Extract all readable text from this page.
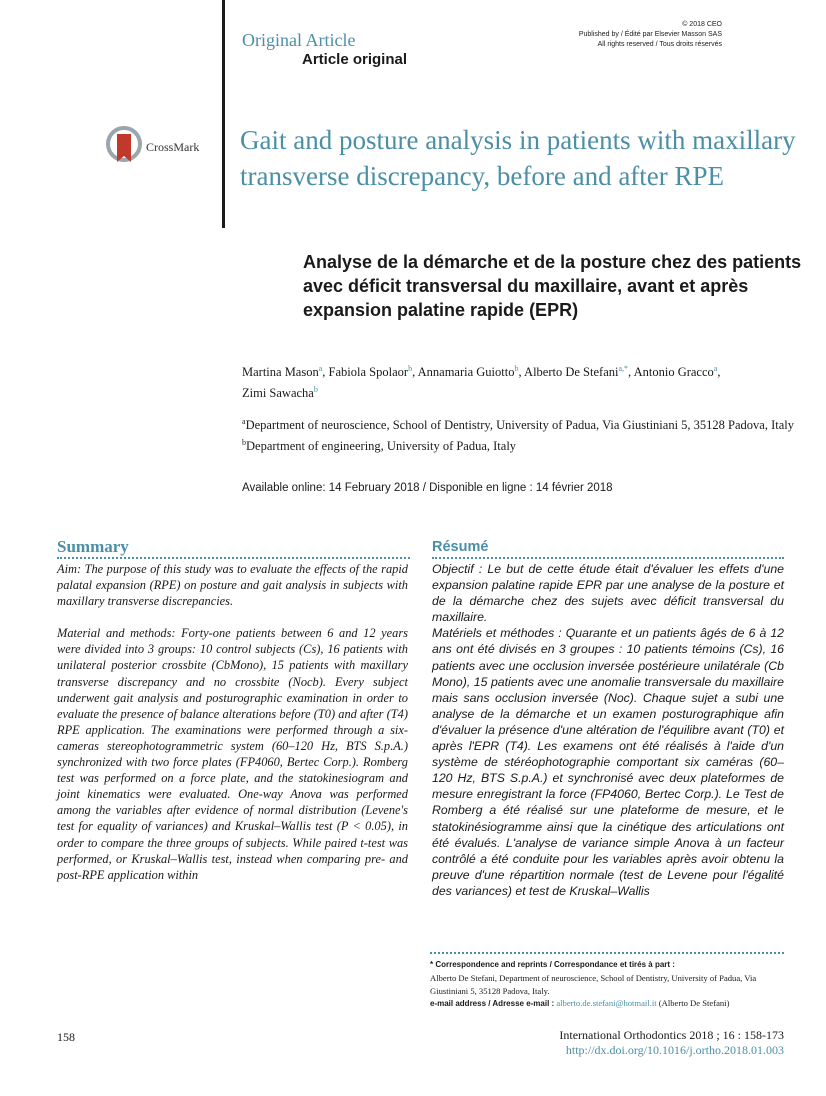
Original Article
Article original
© 2018 CEO
Published by / Édité par Elsevier Masson SAS
All rights reserved / Tous droits réservés
CrossMark Gait and posture analysis in patients with maxillary transverse discrepancy, before and after RPE
Analyse de la démarche et de la posture chez des patients avec déficit transversal du maxillaire, avant et après expansion palatine rapide (EPR)
Martina Mason$^a$, Fabiola Spolaor$^b$, Annamaria Guiotto$^b$, Alberto De Stefani$^{a,*}$, Antonio Gracco$^a$,
Zimi Sawacha$^b$
$^a$Department of neuroscience, School of Dentistry, University of Padua, Via Giustiniani 5, 35128 Padova, Italy
$^b$Department of engineering, University of Padua, Italy
Available online: 14 February 2018 / Disponible en ligne : 14 février 2018
Summary

Aim: The purpose of this study was to evaluate the effects of the rapid palatal expansion (RPE) on posture and gait analysis in subjects with maxillary transverse discrepancies.

Material and methods: Forty-one patients between 6 and 12 years were divided into 3 groups: 10 control subjects (Cs), 16 patients with unilateral posterior crossbite (CbMono), 15 patients with maxillary transverse discrepancy and no crossbite (Nocb). Every subject underwent gait analysis and posturographic examination in order to evaluate the presence of balance alterations before (T0) and after (T4) RPE application. The examinations were performed through a six-cameras stereophotogrammetric system (60–120 Hz, BTS S.p.A.) synchronized with two force plates (FP4060, Bertec Corp.). Romberg test was performed on a force plate, and the statokinesiogram and joint kinematics were evaluated. One-way Anova was performed among the variables after evidence of normal distribution (Levene's test for equality of variances) and Kruskal–Wallis test (P < 0.05), in order to compare the three groups of subjects. While paired t-test was performed, or Kruskal–Wallis test, instead when comparing pre- and post-RPE application within

Résumé

Objectif : Le but de cette étude était d'évaluer les effets d'une expansion palatine rapide EPR par une analyse de la posture et de la démarche chez des sujets avec déficit transversal du maxillaire.

Matériels et méthodes : Quarante et un patients âgés de 6 à 12 ans ont été divisés en 3 groupes : 10 patients témoins (Cs), 16 patients avec une occlusion inversée postérieure unilatérale (Cb Mono), 15 patients avec une anomalie transversale du maxillaire mais sans occlusion inversée (Noc). Chaque sujet a subi une analyse de la démarche et un examen posturographique afin d'évaluer la présence d'une altération de l'équilibre avant (T0) et après l'EPR (T4). Les examens ont été réalisés à l'aide d'un système de stéréophotographie comportant six caméras (60–120 Hz, BTS S.p.A.) et synchronisé avec deux plateformes de mesure enregistrant la force (FP4060, Bertec Corp.). Le Test de Romberg a été réalisé sur une plateforme de mesure, et le statokinésiogramme ainsi que la cinétique des articulations ont été évalués. L'analyse de variance simple Anova à un facteur contrôlé a été conduite pour les variables après avoir obtenu la preuve d'une répartition normale (test de Levene pour l'égalité des variances) et test de Kruskal–Wallis

* Correspondence and reprints / Correspondance et tirés à part :
Alberto De Stefani, Department of neuroscience, School of Dentistry, University of Padua, Via Giustiniani 5, 35128 Padova, Italy.
e-mail address / Adresse e-mail : alberto.de.stefani@hotmail.it (Alberto De Stefani)
158	International Orthodontics 2018 ; 16 : 158-173
http://dx.doi.org/10.1016/j.ortho.2018.01.003
